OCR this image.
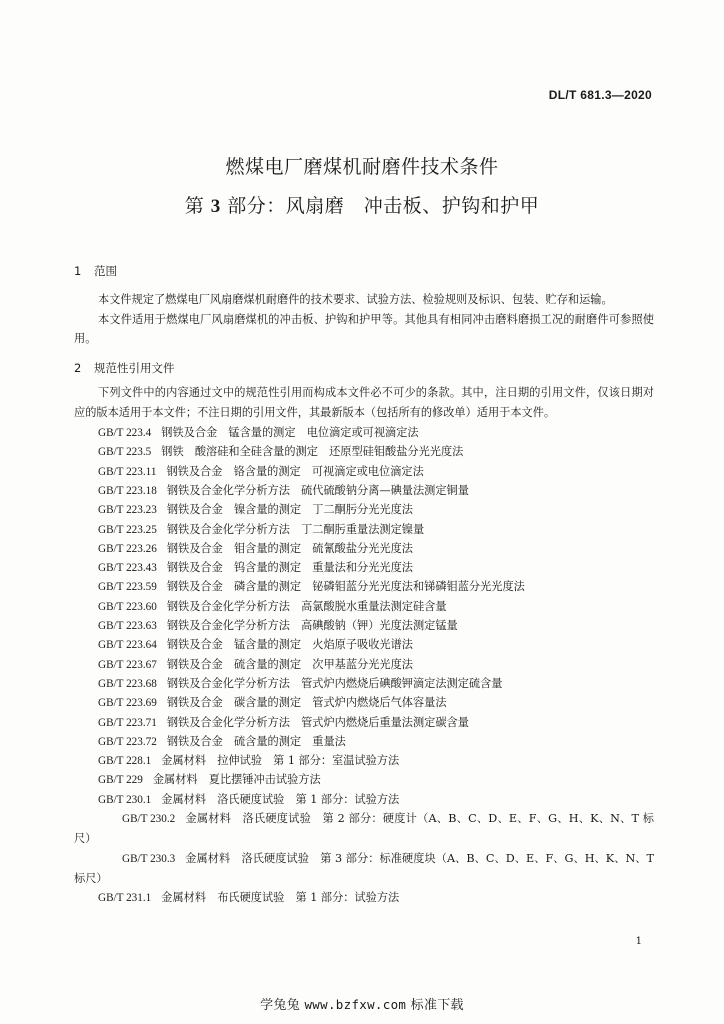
DL/T 681.3—2020
燃煤电厂磨煤机耐磨件技术条件
第 3 部分：风扇磨　冲击板、护钩和护甲
1 范围

本文件规定了燃煤电厂风扇磨煤机耐磨件的技术要求、试验方法、检验规则及标识、包装、贮存和运输。

本文件适用于燃煤电厂风扇磨煤机的冲击板、护钩和护甲等。其他具有相同冲击磨料磨损工况的耐磨件可参照使用。

2 规范性引用文件

下列文件中的内容通过文中的规范性引用而构成本文件必不可少的条款。其中，注日期的引用文件，仅该日期对应的版本适用于本文件；不注日期的引用文件，其最新版本（包括所有的修改单）适用于本文件。

GB/T 223.4 钢铁及合金　锰含量的测定　电位滴定或可视滴定法
GB/T 223.5 钢铁　酸溶硅和全硅含量的测定　还原型硅钼酸盐分光光度法
GB/T 223.11 钢铁及合金　铬含量的测定　可视滴定或电位滴定法
GB/T 223.18 钢铁及合金化学分析方法　硫代硫酸钠分离—碘量法测定铜量
GB/T 223.23 钢铁及合金　镍含量的测定　丁二酮肟分光光度法
GB/T 223.25 钢铁及合金化学分析方法　丁二酮肟重量法测定镍量
GB/T 223.26 钢铁及合金　钼含量的测定　硫氰酸盐分光光度法
GB/T 223.43 钢铁及合金　钨含量的测定　重量法和分光光度法
GB/T 223.59 钢铁及合金　磷含量的测定　铋磷钼蓝分光光度法和锑磷钼蓝分光光度法
GB/T 223.60 钢铁及合金化学分析方法　高氯酸脱水重量法测定硅含量
GB/T 223.63 钢铁及合金化学分析方法　高碘酸钠（钾）光度法测定锰量
GB/T 223.64 钢铁及合金　锰含量的测定　火焰原子吸收光谱法
GB/T 223.67 钢铁及合金　硫含量的测定　次甲基蓝分光光度法
GB/T 223.68 钢铁及合金化学分析方法　管式炉内燃烧后碘酸钾滴定法测定硫含量
GB/T 223.69 钢铁及合金　碳含量的测定　管式炉内燃烧后气体容量法
GB/T 223.71 钢铁及合金化学分析方法　管式炉内燃烧后重量法测定碳含量
GB/T 223.72 钢铁及合金　硫含量的测定　重量法
GB/T 228.1 金属材料　拉伸试验　第 1 部分：室温试验方法
GB/T 229 金属材料　夏比摆锤冲击试验方法
GB/T 230.1 金属材料　洛氏硬度试验　第 1 部分：试验方法
GB/T 230.2 金属材料　洛氏硬度试验　第 2 部分：硬度计（A、B、C、D、E、F、G、H、K、N、T 标尺）
GB/T 230.3 金属材料　洛氏硬度试验　第 3 部分：标准硬度块（A、B、C、D、E、F、G、H、K、N、T 标尺）
GB/T 231.1 金属材料　布氏硬度试验　第 1 部分：试验方法
1
学兔兔 www.bzfxw.com 标准下载
